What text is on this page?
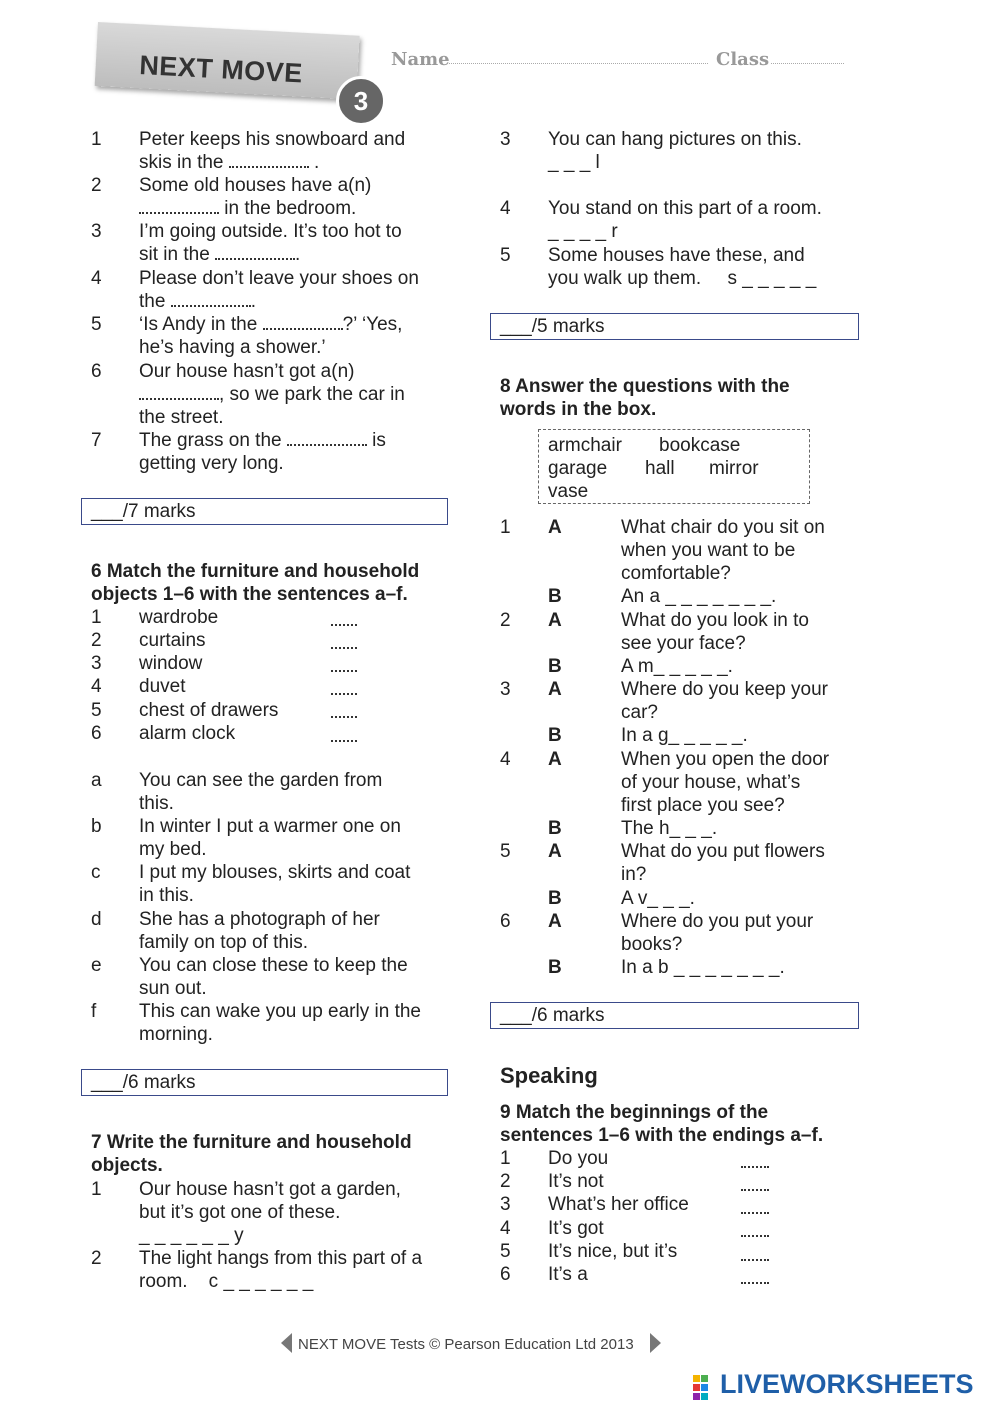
NEXT MOVE
3
Name	Class
1 Peter keeps his snowboard and
skis in the	.
2 Some old houses have a(n)
in the bedroom.
3 I’m going outside. It’s too hot to
sit in the	.
4 Please don’t leave your shoes on
the	.
5 ‘Is Andy in the	?’ ‘Yes,
he’s having a shower.’
6 Our house hasn’t got a(n)
, so we park the car in
the street.
7 The grass on the	is
getting very long.
___/7 marks
6 Match the furniture and household
objects 1–6 with the sentences a–f.
1 wardrobe
2 curtains
3 window
4 duvet
5 chest of drawers
6 alarm clock
a You can see the garden from
this.
b In winter I put a warmer one on
my bed.
c I put my blouses, skirts and coat
in this.
d She has a photograph of her
family on top of this.
e You can close these to keep the
sun out.
f This can wake you up early in the
morning.
___/6 marks
7 Write the furniture and household
objects.
1 Our house hasn’t got a garden,
but it’s got one of these.
_ _ _ _ _ _ y
2 The light hangs from this part of a
room.    c _ _ _ _ _ _
3 You can hang pictures on this.
_ _ _ l
4 You stand on this part of a room.
_ _ _ _ r
5 Some houses have these, and
you walk up them.     s _ _ _ _ _
___/5 marks
8 Answer the questions with the
words in the box.
armchair bookcase
garage hall mirror
vase
1 A	What chair do you sit on
when you want to be
comfortable?
B	An a _ _ _ _ _ _ _.
2 A	What do you look in to
see your face?
B	A m_ _ _ _ _.
3 A	Where do you keep your
car?
B	In a g_ _ _ _ _.
4 A	When you open the door
of your house, what’s
first place you see?
B	The h_ _ _.
5 A	What do you put flowers
in?
B	A v_ _ _.
6 A	Where do you put your
books?
B	In a b _ _ _ _ _ _ _.
___/6 marks
Speaking
9 Match the beginnings of the
sentences 1–6 with the endings a–f.
1 Do you
2 It’s not
3 What’s her office
4 It’s got
5 It’s nice, but it’s
6 It’s a
NEXT MOVE Tests © Pearson Education Ltd 2013
LIVEWORKSHEETS
